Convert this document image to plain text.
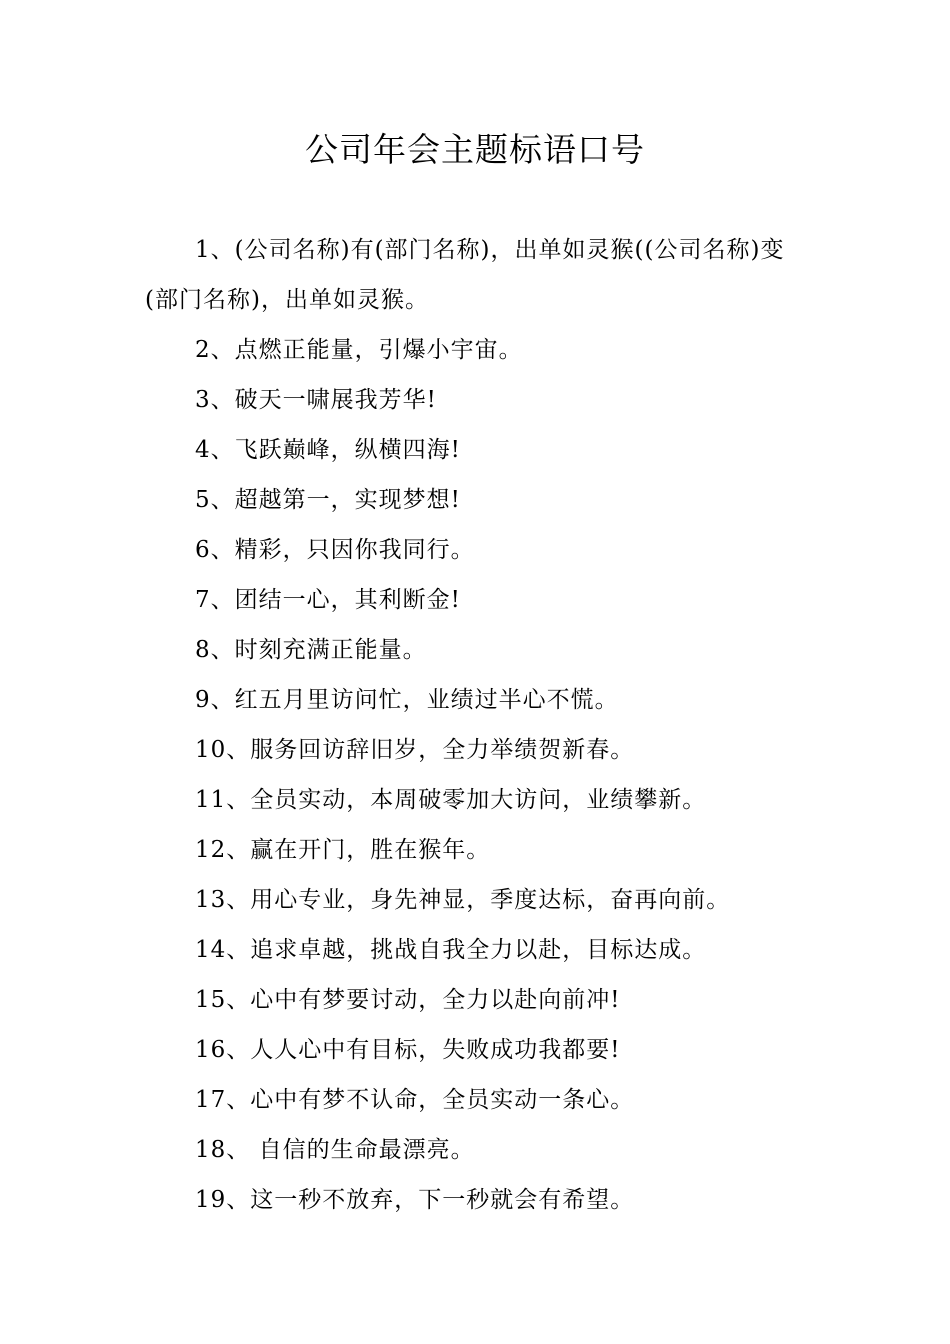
公司年会主题标语口号

1、(公司名称)有(部门名称)，出单如灵猴((公司名称)变(部门名称)，出单如灵猴。

2、点燃正能量，引爆小宇宙。

3、破天一啸展我芳华!

4、飞跃巅峰，纵横四海!

5、超越第一，实现梦想!

6、精彩，只因你我同行。

7、团结一心，其利断金!

8、时刻充满正能量。

9、红五月里访问忙，业绩过半心不慌。

10、服务回访辞旧岁，全力举绩贺新春。

11、全员实动，本周破零加大访问，业绩攀新。

12、赢在开门，胜在猴年。

13、用心专业，身先神显，季度达标，奋再向前。

14、追求卓越，挑战自我全力以赴，目标达成。

15、心中有梦要讨动，全力以赴向前冲!

16、人人心中有目标，失败成功我都要!

17、心中有梦不认命，全员实动一条心。

18、 自信的生命最漂亮。

19、这一秒不放弃，下一秒就会有希望。
